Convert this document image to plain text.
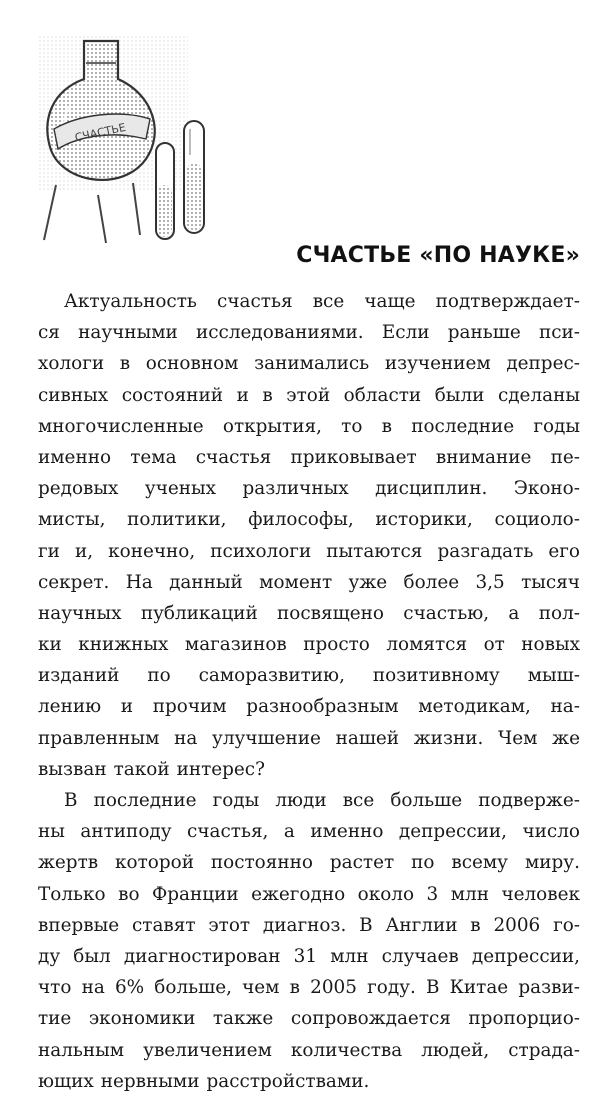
СЧАСТЬЕ
СЧАСТЬЕ «ПО НАУКЕ»
Актуальность счастья все чаще подтверждает-
ся научными исследованиями. Если раньше пси-
хологи в основном занимались изучением депрес-
сивных состояний и в этой области были сделаны
многочисленные открытия, то в последние годы
именно тема счастья приковывает внимание пе-
редовых ученых различных дисциплин. Эконо-
мисты, политики, философы, историки, социоло-
ги и, конечно, психологи пытаются разгадать его
секрет. На данный момент уже более 3,5 тысяч
научных публикаций посвящено счастью, а пол-
ки книжных магазинов просто ломятся от новых
изданий по саморазвитию, позитивному мыш-
лению и прочим разнообразным методикам, на-
правленным на улучшение нашей жизни. Чем же
вызван такой интерес?
В последние годы люди все больше подвержe-
ны антиподу счастья, а именно депрессии, число
жертв которой постоянно растет по всему миру.
Только во Франции ежегодно около 3 млн человек
впервые ставят этот диагноз. В Англии в 2006 го-
ду был диагностирован 31 млн случаев депрессии,
что на 6% больше, чем в 2005 году. В Китае разви-
тие экономики также сопровождается пропорцио-
нальным увеличением количества людей, страда-
ющих нервными расстройствами.
